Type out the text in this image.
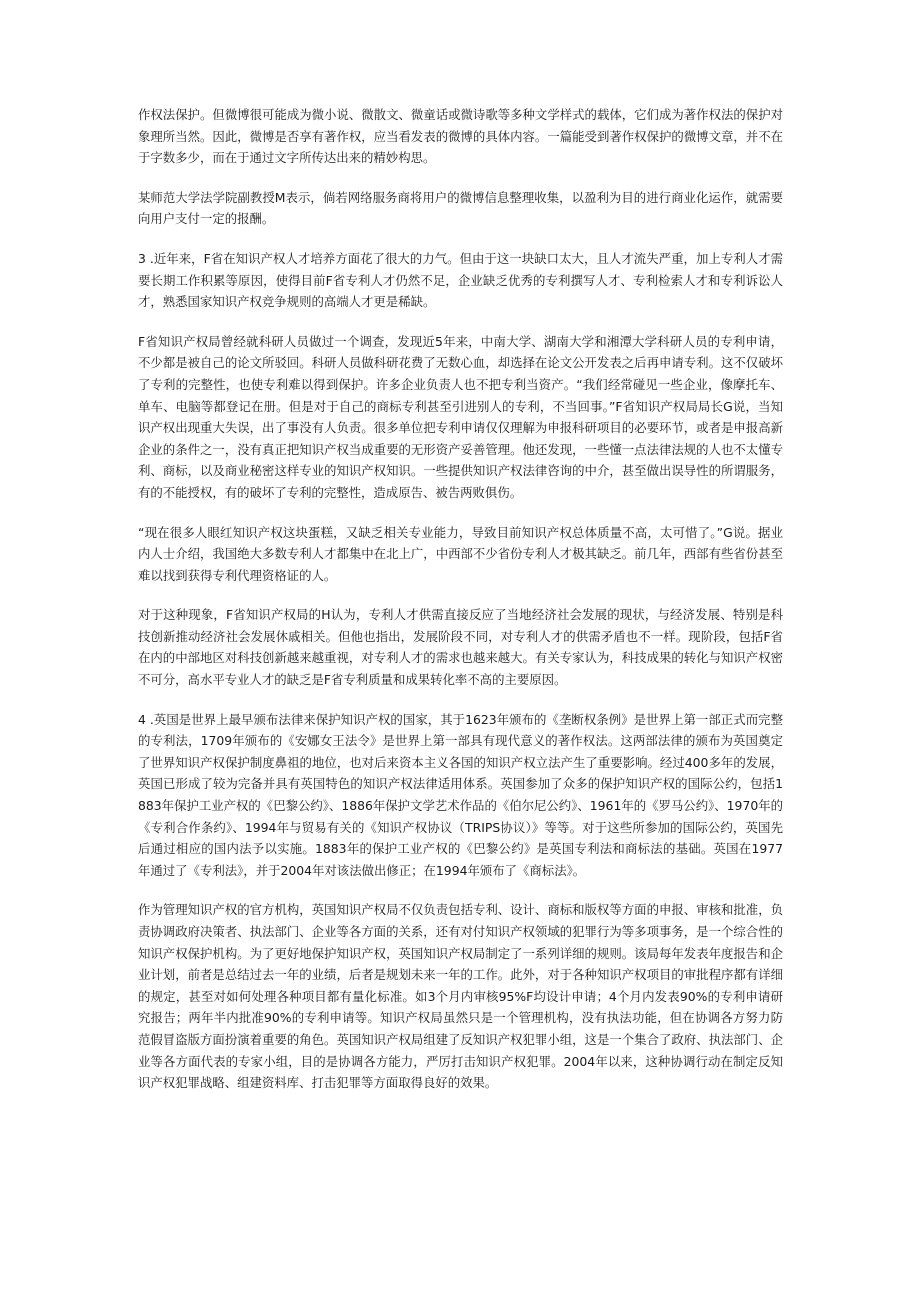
作权法保护。但微博很可能成为微小说、微散文、微童话或微诗歌等多种文学样式的载体，它们成为著作权法的保护对象理所当然。因此，微博是否享有著作权，应当看发表的微博的具体内容。一篇能受到著作权保护的微博文章，并不在于字数多少，而在于通过文字所传达出来的精妙构思。

某师范大学法学院副教授M表示，倘若网络服务商将用户的微博信息整理收集，以盈利为目的进行商业化运作，就需要向用户支付一定的报酬。

3 .近年来，F省在知识产权人才培养方面花了很大的力气。但由于这一块缺口太大，且人才流失严重，加上专利人才需要长期工作积累等原因，使得目前F省专利人才仍然不足，企业缺乏优秀的专利撰写人才、专利检索人才和专利诉讼人才，熟悉国家知识产权竞争规则的高端人才更是稀缺。

F省知识产权局曾经就科研人员做过一个调查，发现近5年来，中南大学、湖南大学和湘潭大学科研人员的专利申请，不少都是被自己的论文所驳回。科研人员做科研花费了无数心血，却选择在论文公开发表之后再申请专利。这不仅破坏了专利的完整性，也使专利难以得到保护。许多企业负责人也不把专利当资产。“我们经常碰见一些企业，像摩托车、单车、电脑等都登记在册。但是对于自己的商标专利甚至引进别人的专利，不当回事。”F省知识产权局局长G说，当知识产权出现重大失误，出了事没有人负责。很多单位把专利申请仅仅理解为申报科研项目的必要环节，或者是申报高新企业的条件之一，没有真正把知识产权当成重要的无形资产妥善管理。他还发现，一些懂一点法律法规的人也不太懂专利、商标，以及商业秘密这样专业的知识产权知识。一些提供知识产权法律咨询的中介，甚至做出误导性的所谓服务，有的不能授权，有的破坏了专利的完整性，造成原告、被告两败俱伤。

“现在很多人眼红知识产权这块蛋糕，又缺乏相关专业能力，导致目前知识产权总体质量不高，太可惜了。”G说。据业内人士介绍，我国绝大多数专利人才都集中在北上广，中西部不少省份专利人才极其缺乏。前几年，西部有些省份甚至难以找到获得专利代理资格证的人。

对于这种现象，F省知识产权局的H认为，专利人才供需直接反应了当地经济社会发展的现状，与经济发展、特别是科技创新推动经济社会发展休戚相关。但他也指出，发展阶段不同，对专利人才的供需矛盾也不一样。现阶段，包括F省在内的中部地区对科技创新越来越重视，对专利人才的需求也越来越大。有关专家认为，科技成果的转化与知识产权密不可分，高水平专业人才的缺乏是F省专利质量和成果转化率不高的主要原因。

4 .英国是世界上最早颁布法律来保护知识产权的国家，其于1623年颁布的《垄断权条例》是世界上第一部正式而完整的专利法，1709年颁布的《安娜女王法令》是世界上第一部具有现代意义的著作权法。这两部法律的颁布为英国奠定了世界知识产权保护制度鼻祖的地位，也对后来资本主义各国的知识产权立法产生了重要影响。经过400多年的发展，英国已形成了较为完备并具有英国特色的知识产权法律适用体系。英国参加了众多的保护知识产权的国际公约，包括1883年保护工业产权的《巴黎公约》、1886年保护文学艺术作品的《伯尔尼公约》、1961年的《罗马公约》、1970年的《专利合作条约》、1994年与贸易有关的《知识产权协议（TRIPS协议）》等等。对于这些所参加的国际公约，英国先后通过相应的国内法予以实施。1883年的保护工业产权的《巴黎公约》是英国专利法和商标法的基础。英国在1977年通过了《专利法》，并于2004年对该法做出修正；在1994年颁布了《商标法》。

作为管理知识产权的官方机构，英国知识产权局不仅负责包括专利、设计、商标和版权等方面的申报、审核和批准，负责协调政府决策者、执法部门、企业等各方面的关系，还有对付知识产权领域的犯罪行为等多项事务，是一个综合性的知识产权保护机构。为了更好地保护知识产权，英国知识产权局制定了一系列详细的规则。该局每年发表年度报告和企业计划，前者是总结过去一年的业绩，后者是规划未来一年的工作。此外，对于各种知识产权项目的审批程序都有详细的规定，甚至对如何处理各种项目都有量化标准。如3个月内审核95%F均设计申请；4个月内发表90%的专利申请研究报告；两年半内批准90%的专利申请等。知识产权局虽然只是一个管理机构，没有执法功能，但在协调各方努力防范假冒盗版方面扮演着重要的角色。英国知识产权局组建了反知识产权犯罪小组，这是一个集合了政府、执法部门、企业等各方面代表的专家小组，目的是协调各方能力，严厉打击知识产权犯罪。2004年以来，这种协调行动在制定反知识产权犯罪战略、组建资料库、打击犯罪等方面取得良好的效果。
